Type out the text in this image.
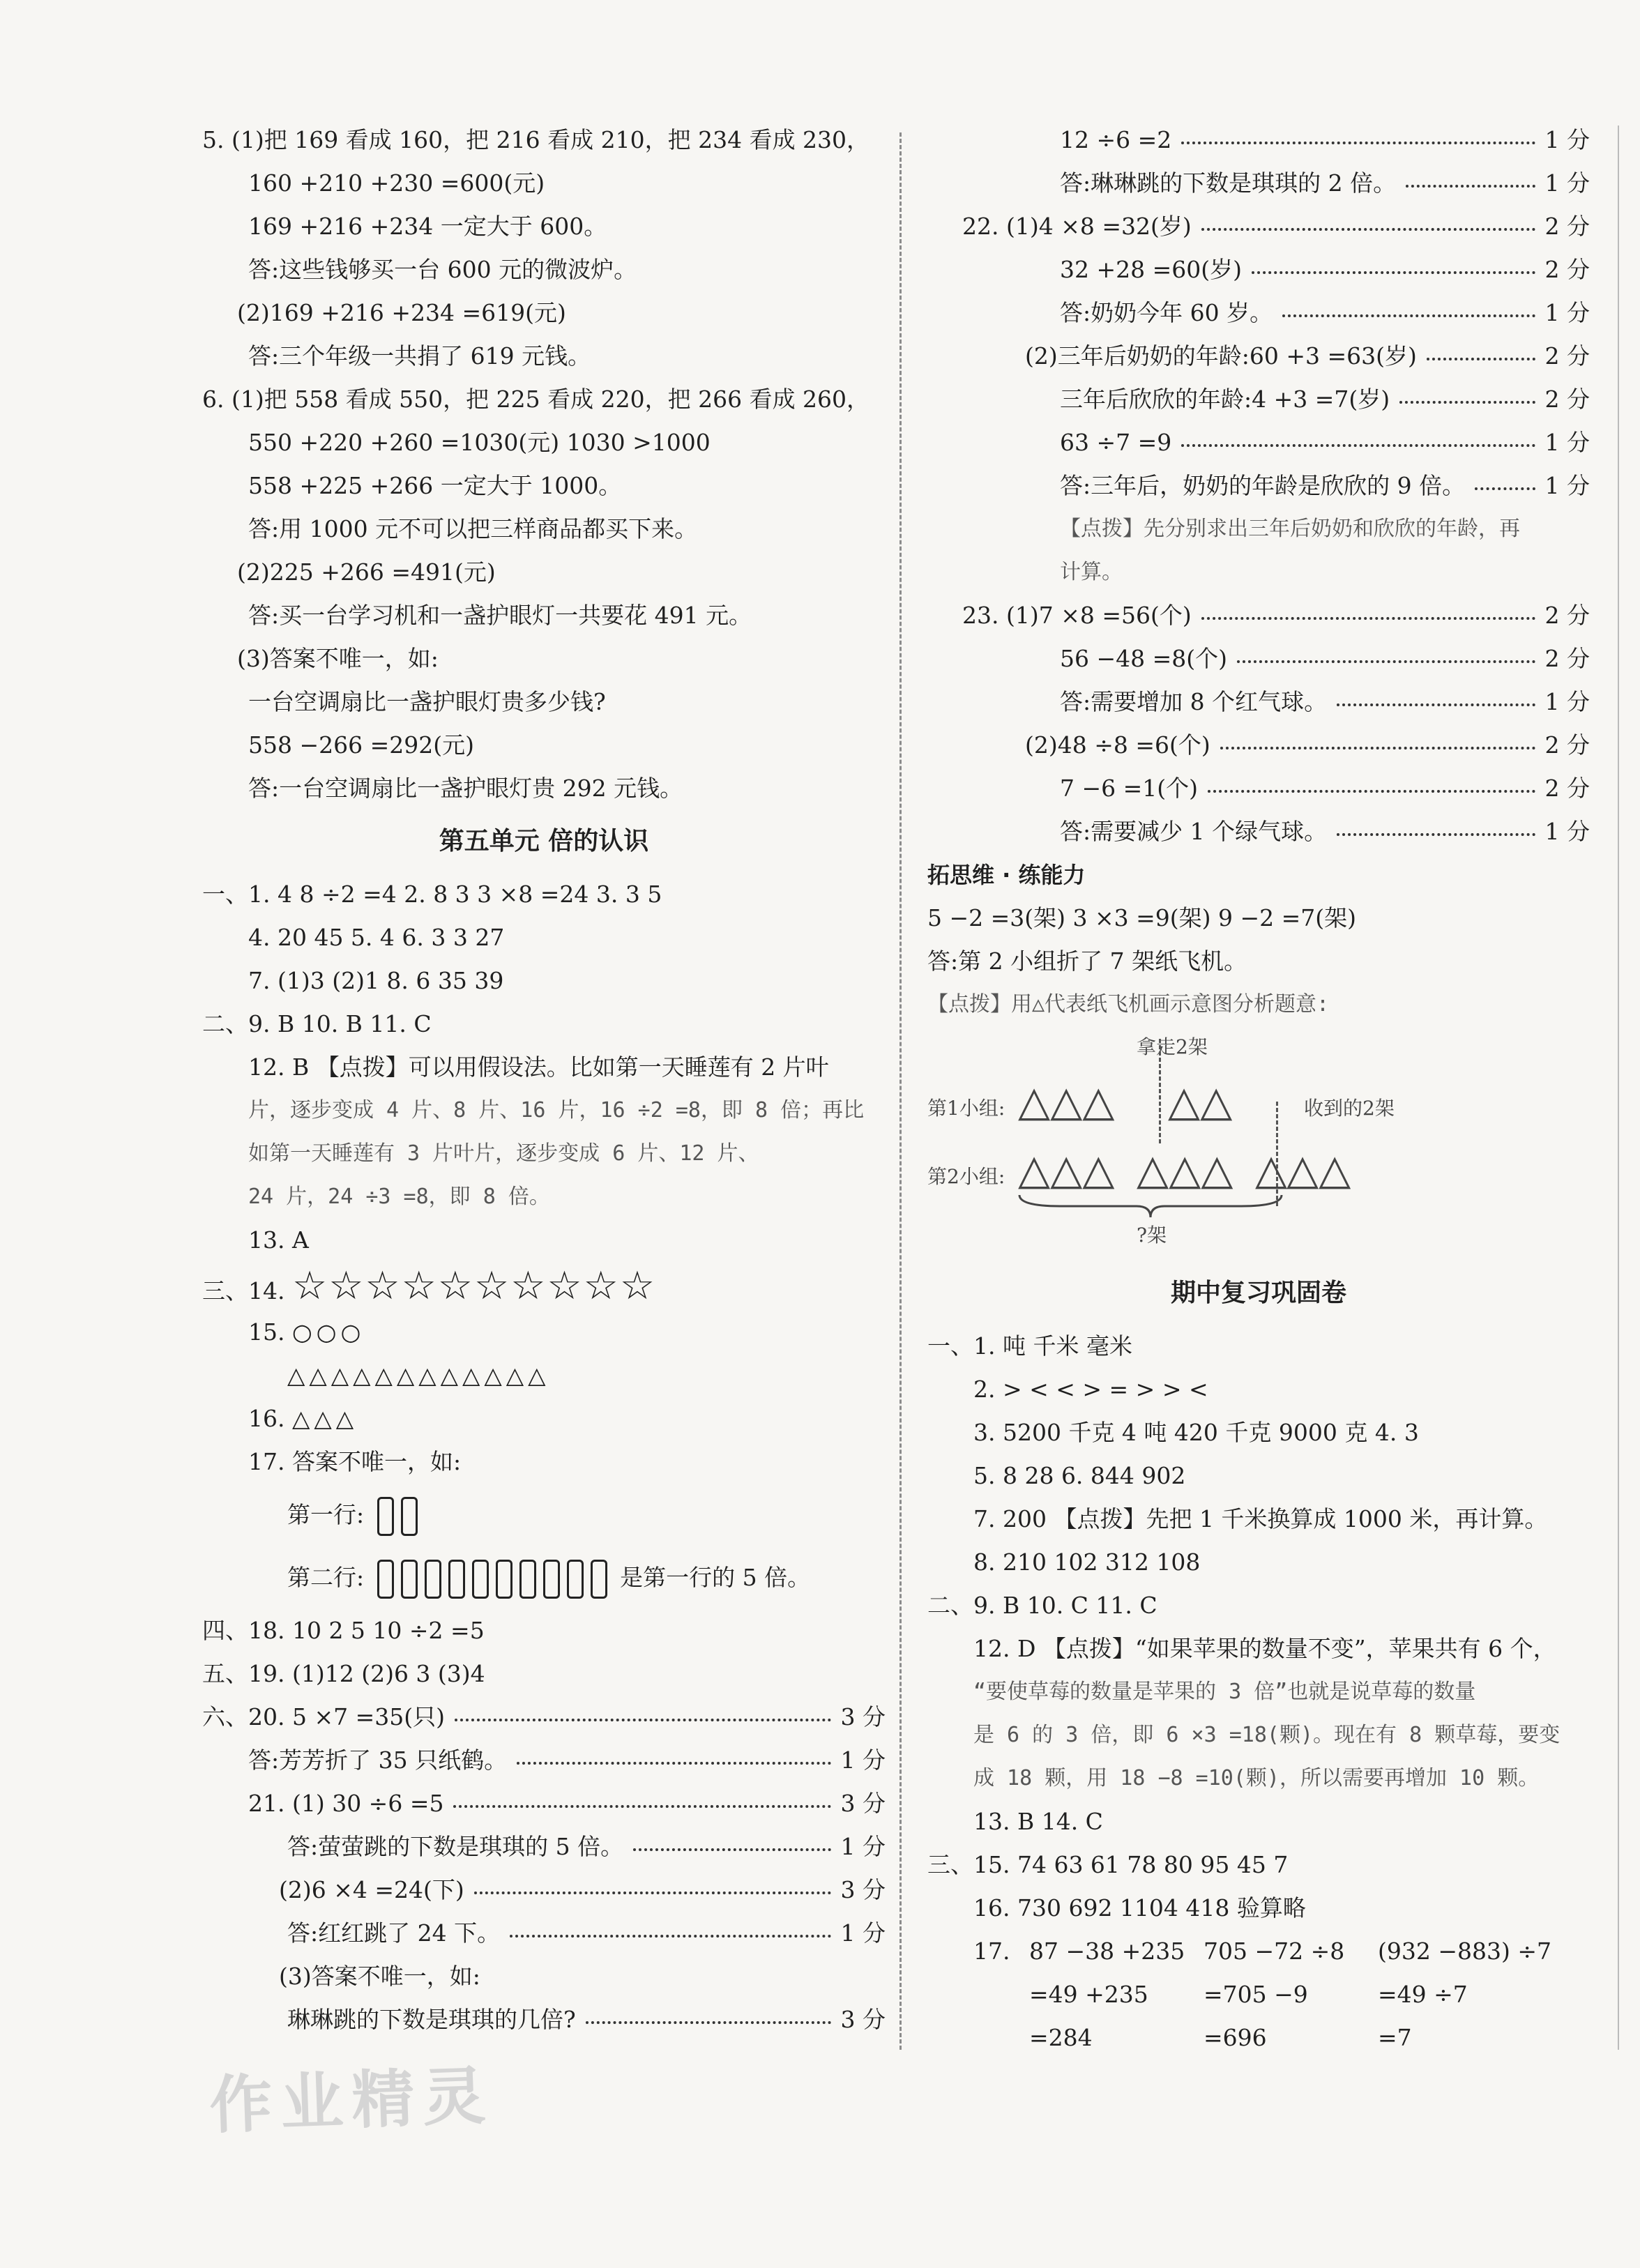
5. (1)把 169 看成 160，把 216 看成 210，把 234 看成 230，
160 +210 +230 =600(元)
169 +216 +234 一定大于 600。
答:这些钱够买一台 600 元的微波炉。
(2)169 +216 +234 =619(元)
答:三个年级一共捐了 619 元钱。
6. (1)把 558 看成 550，把 225 看成 220，把 266 看成 260，
550 +220 +260 =1030(元) 1030 >1000
558 +225 +266 一定大于 1000。
答:用 1000 元不可以把三样商品都买下来。
(2)225 +266 =491(元)
答:买一台学习机和一盏护眼灯一共要花 491 元。
(3)答案不唯一，如:
一台空调扇比一盏护眼灯贵多少钱?
558 −266 =292(元)
答:一台空调扇比一盏护眼灯贵 292 元钱。
第五单元 倍的认识
一、1. 4 8 ÷2 =4 2. 8 3 3 ×8 =24 3. 3 5
4. 20 45 5. 4 6. 3 3 27
7. (1)3 (2)1 8. 6 35 39
二、9. B 10. B 11. C
12. B 【点拨】可以用假设法。比如第一天睡莲有 2 片叶
片，逐步变成 4 片、8 片、16 片，16 ÷2 =8，即 8 倍；再比
如第一天睡莲有 3 片叶片，逐步变成 6 片、12 片、
24 片，24 ÷3 =8，即 8 倍。
13. A
三、14. ☆☆☆☆☆☆☆☆☆☆
15. ○○○
△△△△△△△△△△△△
16. △△△
17. 答案不唯一，如:
第一行:
第二行:	是第一行的 5 倍。
四、18. 10 2 5 10 ÷2 =5
五、19. (1)12 (2)6 3 (3)4
六、20. 5 ×7 =35(只)	3 分
答:芳芳折了 35 只纸鹤。	1 分
21. (1) 30 ÷6 =5	3 分
答:萤萤跳的下数是琪琪的 5 倍。	1 分
(2)6 ×4 =24(下)	3 分
答:红红跳了 24 下。	1 分
(3)答案不唯一，如:
琳琳跳的下数是琪琪的几倍?	3 分
12 ÷6 =2	1 分
答:琳琳跳的下数是琪琪的 2 倍。	1 分
22. (1)4 ×8 =32(岁)	2 分
32 +28 =60(岁)	2 分
答:奶奶今年 60 岁。	1 分
(2)三年后奶奶的年龄:60 +3 =63(岁)	2 分
三年后欣欣的年龄:4 +3 =7(岁)	2 分
63 ÷7 =9	1 分
答:三年后，奶奶的年龄是欣欣的 9 倍。	1 分
【点拨】先分别求出三年后奶奶和欣欣的年龄，再
计算。
23. (1)7 ×8 =56(个)	2 分
56 −48 =8(个)	2 分
答:需要增加 8 个红气球。	1 分
(2)48 ÷8 =6(个)	2 分
7 −6 =1(个)	2 分
答:需要减少 1 个绿气球。	1 分
拓思维 · 练能力
5 −2 =3(架) 3 ×3 =9(架) 9 −2 =7(架)
答:第 2 小组折了 7 架纸飞机。
【点拨】用△代表纸飞机画示意图分析题意:
拿走2架
第1小组: △△△ △△	收到的2架
第2小组: △△△ △△△ △
△△
?架
期中复习巩固卷
一、1. 吨 千米 毫米
2. > < < > = > > <
3. 5200 千克 4 吨 420 千克 9000 克 4. 3
5. 8 28 6. 844 902
7. 200 【点拨】先把 1 千米换算成 1000 米，再计算。
8. 210 102 312 108
二、9. B 10. C 11. C
12. D 【点拨】“如果苹果的数量不变”，苹果共有 6 个，
“要使草莓的数量是苹果的 3 倍”也就是说草莓的数量
是 6 的 3 倍，即 6 ×3 =18(颗)。现在有 8 颗草莓，要变
成 18 颗，用 18 −8 =10(颗)，所以需要再增加 10 颗。
13. B 14. C
三、15. 74 63 61 78 80 95 45 7
16. 730 692 1104 418 验算略
17. 87 −38 +235
=49 +235
=284
705 −72 ÷8
=705 −9
=696
(932 −883) ÷7
=49 ÷7
=7
作业精灵
